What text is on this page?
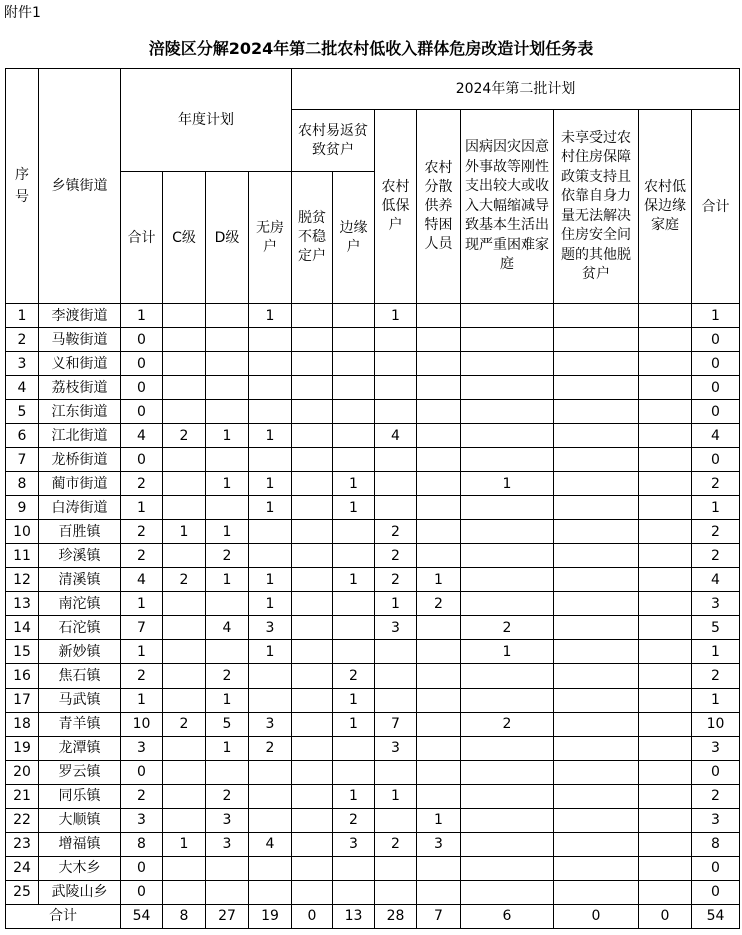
附件1
涪陵区分解2024年第二批农村低收入群体危房改造计划任务表
序号	乡镇街道	年度计划				2024年第二批计划							

						农村易返贫致贫户		农村低保户	农村分散供养特困人员	因病因灾因意外事故等刚性支出较大或收入大幅缩减导致基本生活出现严重困难家庭	未享受过农村住房保障政策支持且依靠自身力量无法解决住房安全问题的其他脱贫户	农村低保边缘家庭	合计
		合计	C级	D级	无房户	脱贫不稳定户	边缘户						

1	李渡街道	1			1			1					1
2	马鞍街道	0											0
3	义和街道	0											0
4	荔枝街道	0											0
5	江东街道	0											0
6	江北街道	4	2	1	1			4					4
7	龙桥街道	0											0
8	蔺市街道	2		1	1		1			1			2
9	白涛街道	1			1		1						1
10	百胜镇	2	1	1				2					2
11	珍溪镇	2		2				2					2
12	清溪镇	4	2	1	1		1	2	1				4
13	南沱镇	1			1			1	2				3
14	石沱镇	7		4	3			3		2			5
15	新妙镇	1			1					1			1
16	焦石镇	2		2			2						2
17	马武镇	1		1			1						1
18	青羊镇	10	2	5	3		1	7		2			10
19	龙潭镇	3		1	2			3					3
20	罗云镇	0											0
21	同乐镇	2		2			1	1					2
22	大顺镇	3		3			2		1				3
23	增福镇	8	1	3	4		3	2	3				8
24	大木乡	0											0
25	武陵山乡	0											0
合计		54	8	27	19	0	13	28	7	6	0	0	54
